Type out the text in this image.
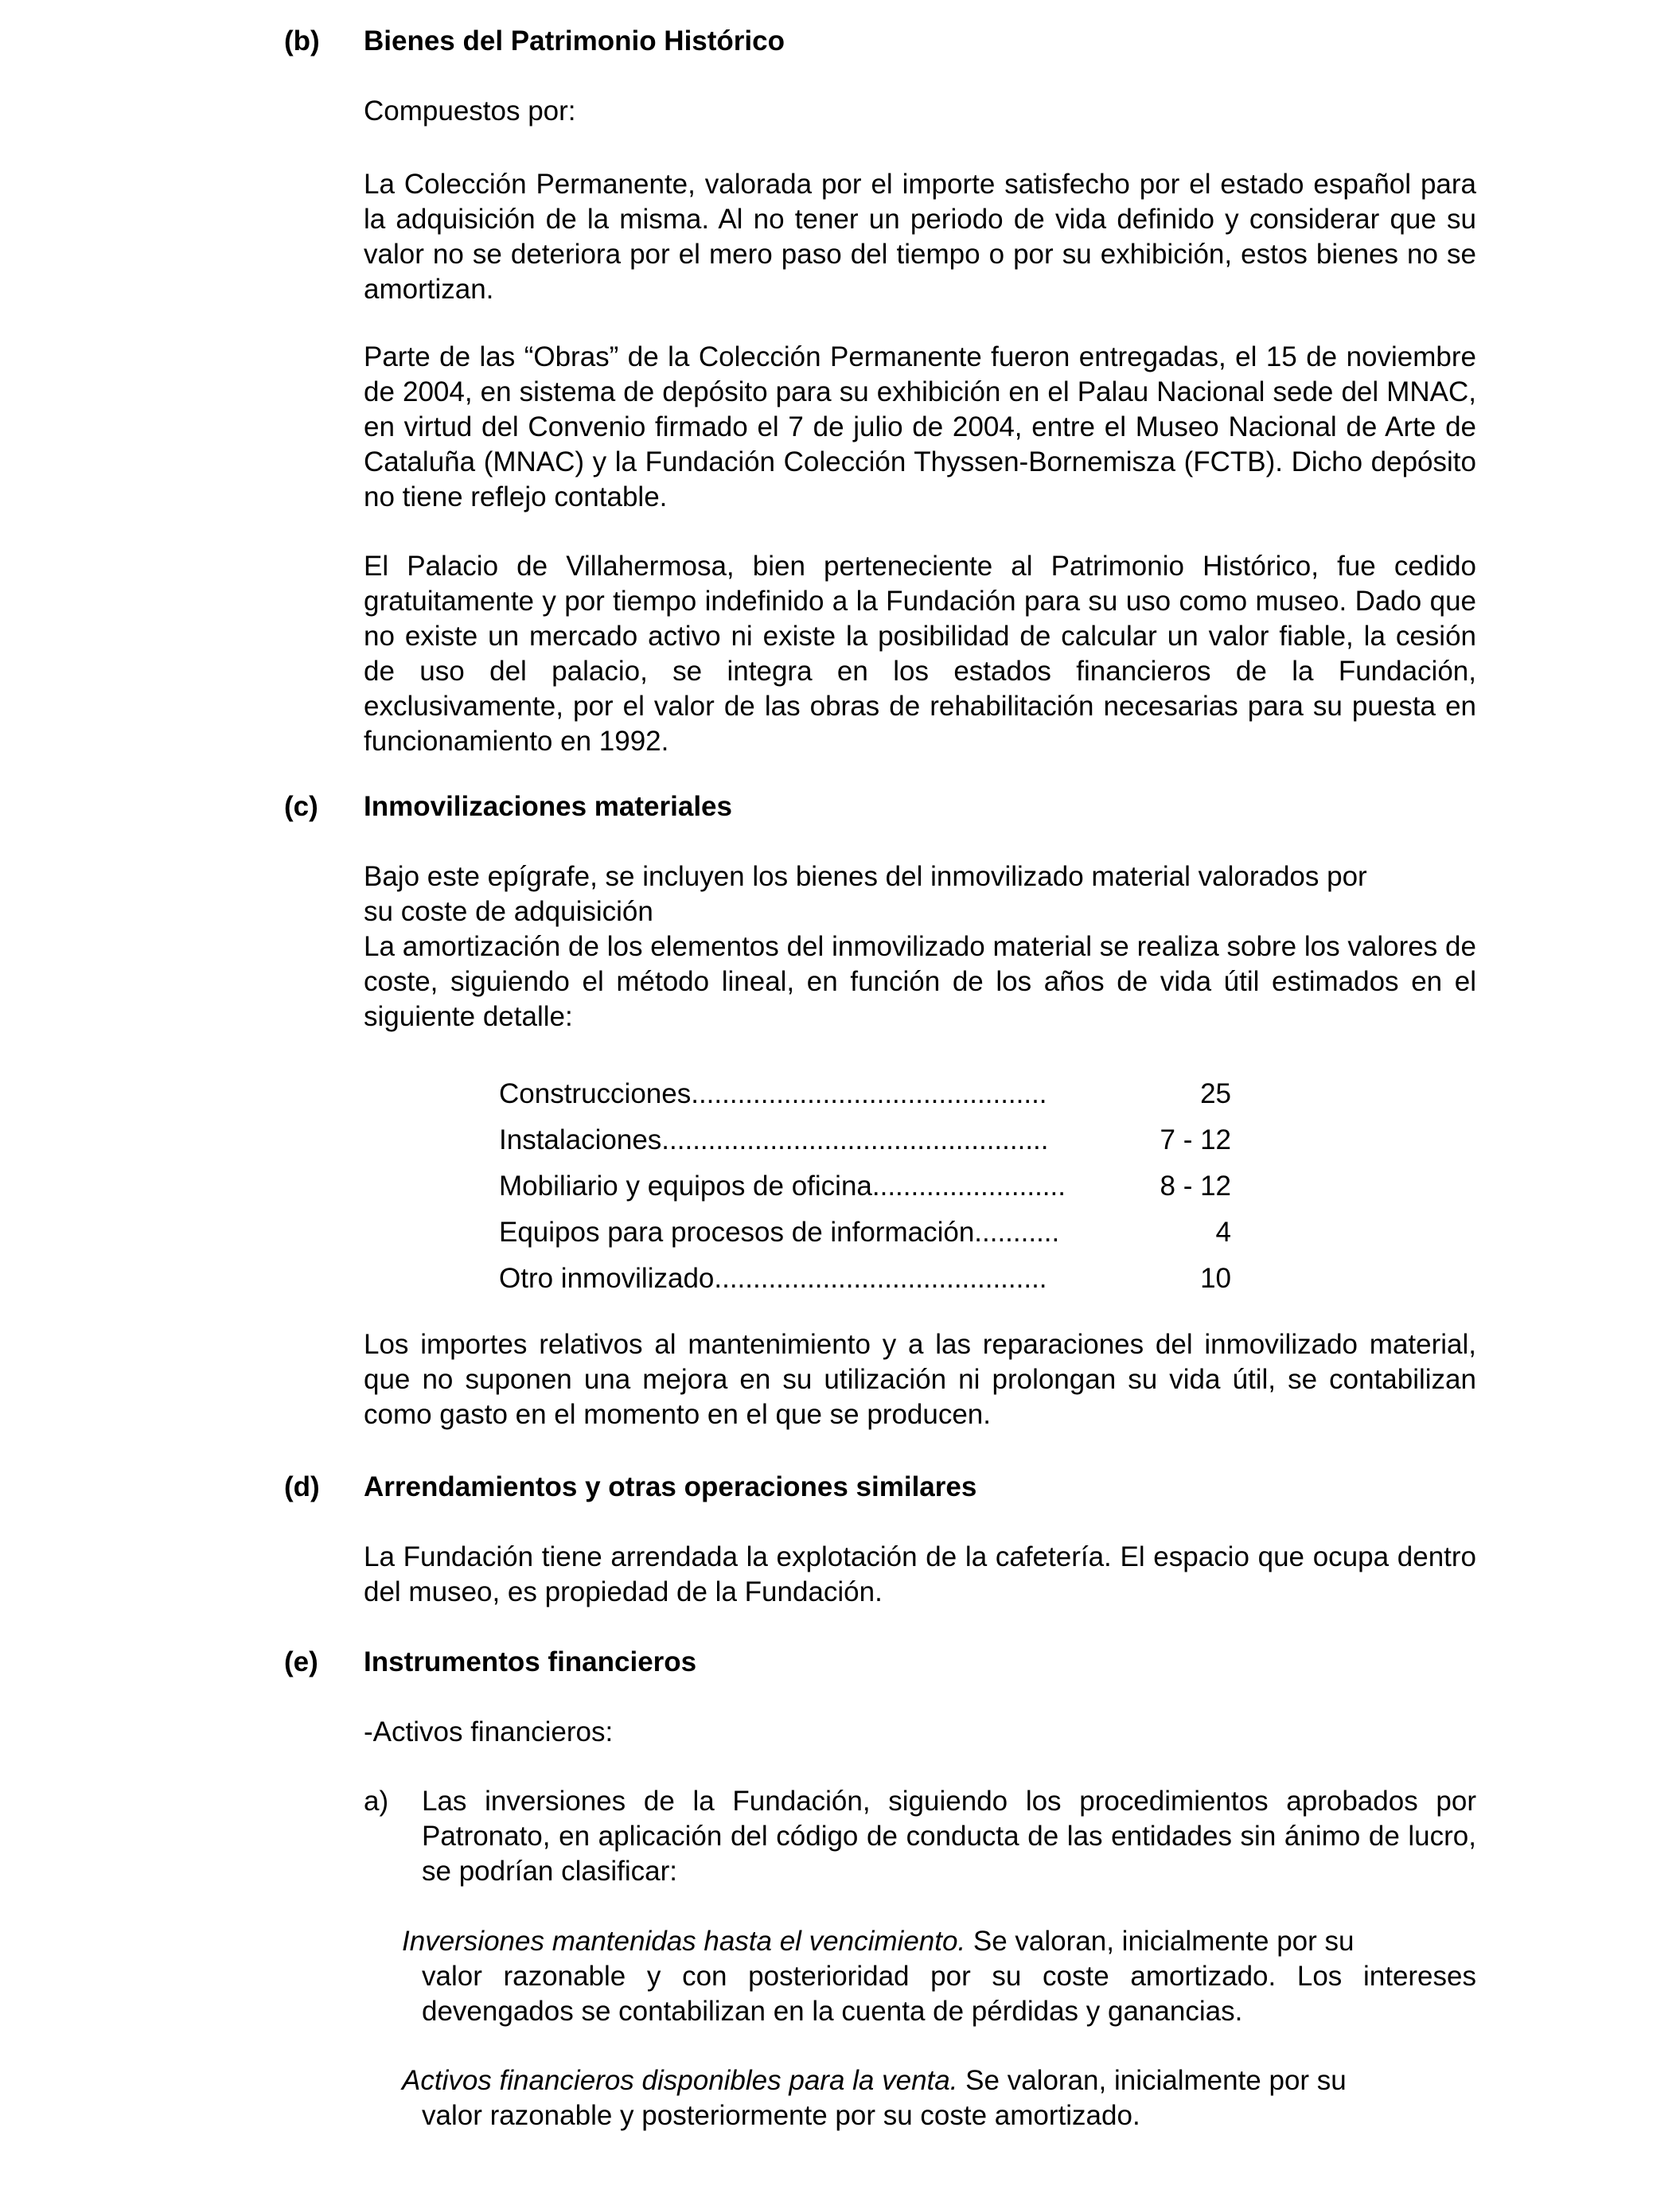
(b) Bienes del Patrimonio Histórico
Compuestos por:
La Colección Permanente, valorada por el importe satisfecho por el estado español para la adquisición de la misma. Al no tener un periodo de vida definido y considerar que su valor no se deteriora por el mero paso del tiempo o por su exhibición, estos bienes no se amortizan.
Parte de las “Obras” de la Colección Permanente fueron entregadas, el 15 de noviembre de 2004, en sistema de depósito para su exhibición en el Palau Nacional sede del MNAC, en virtud del Convenio firmado el 7 de julio de 2004, entre el Museo Nacional de Arte de Cataluña (MNAC) y la Fundación Colección Thyssen-Bornemisza (FCTB). Dicho depósito no tiene reflejo contable.
El Palacio de Villahermosa, bien perteneciente al Patrimonio Histórico, fue cedido gratuitamente y por tiempo indefinido a la Fundación para su uso como museo. Dado que no existe un mercado activo ni existe la posibilidad de calcular un valor fiable, la cesión de uso del palacio, se integra en los estados financieros de la Fundación, exclusivamente, por el valor de las obras de rehabilitación necesarias para su puesta en funcionamiento en 1992.
(c) Inmovilizaciones materiales
Bajo este epígrafe, se incluyen los bienes del inmovilizado material valorados por
su coste de adquisición
La amortización de los elementos del inmovilizado material se realiza sobre los valores de coste, siguiendo el método lineal, en función de los años de vida útil estimados en el siguiente detalle:
Construcciones..............................................	25
Instalaciones..................................................	7 - 12
Mobiliario y equipos de oficina.........................	8 - 12
Equipos para procesos de información...........	4
Otro inmovilizado...........................................	10
Los importes relativos al mantenimiento y a las reparaciones del inmovilizado material, que no suponen una mejora en su utilización ni prolongan su vida útil, se contabilizan como gasto en el momento en el que se producen.
(d) Arrendamientos y otras operaciones similares
La Fundación tiene arrendada la explotación de la cafetería. El espacio que ocupa dentro del museo, es propiedad de la Fundación.
(e) Instrumentos financieros
-Activos financieros:
a) Las inversiones de la Fundación, siguiendo los procedimientos aprobados por Patronato, en aplicación del código de conducta de las entidades sin ánimo de lucro, se podrían clasificar:
Inversiones mantenidas hasta el vencimiento. Se valoran, inicialmente por su
valor razonable y con posterioridad por su coste amortizado. Los intereses devengados se contabilizan en la cuenta de pérdidas y ganancias.
Activos financieros disponibles para la venta. Se valoran, inicialmente por su
valor razonable y posteriormente por su coste amortizado.
